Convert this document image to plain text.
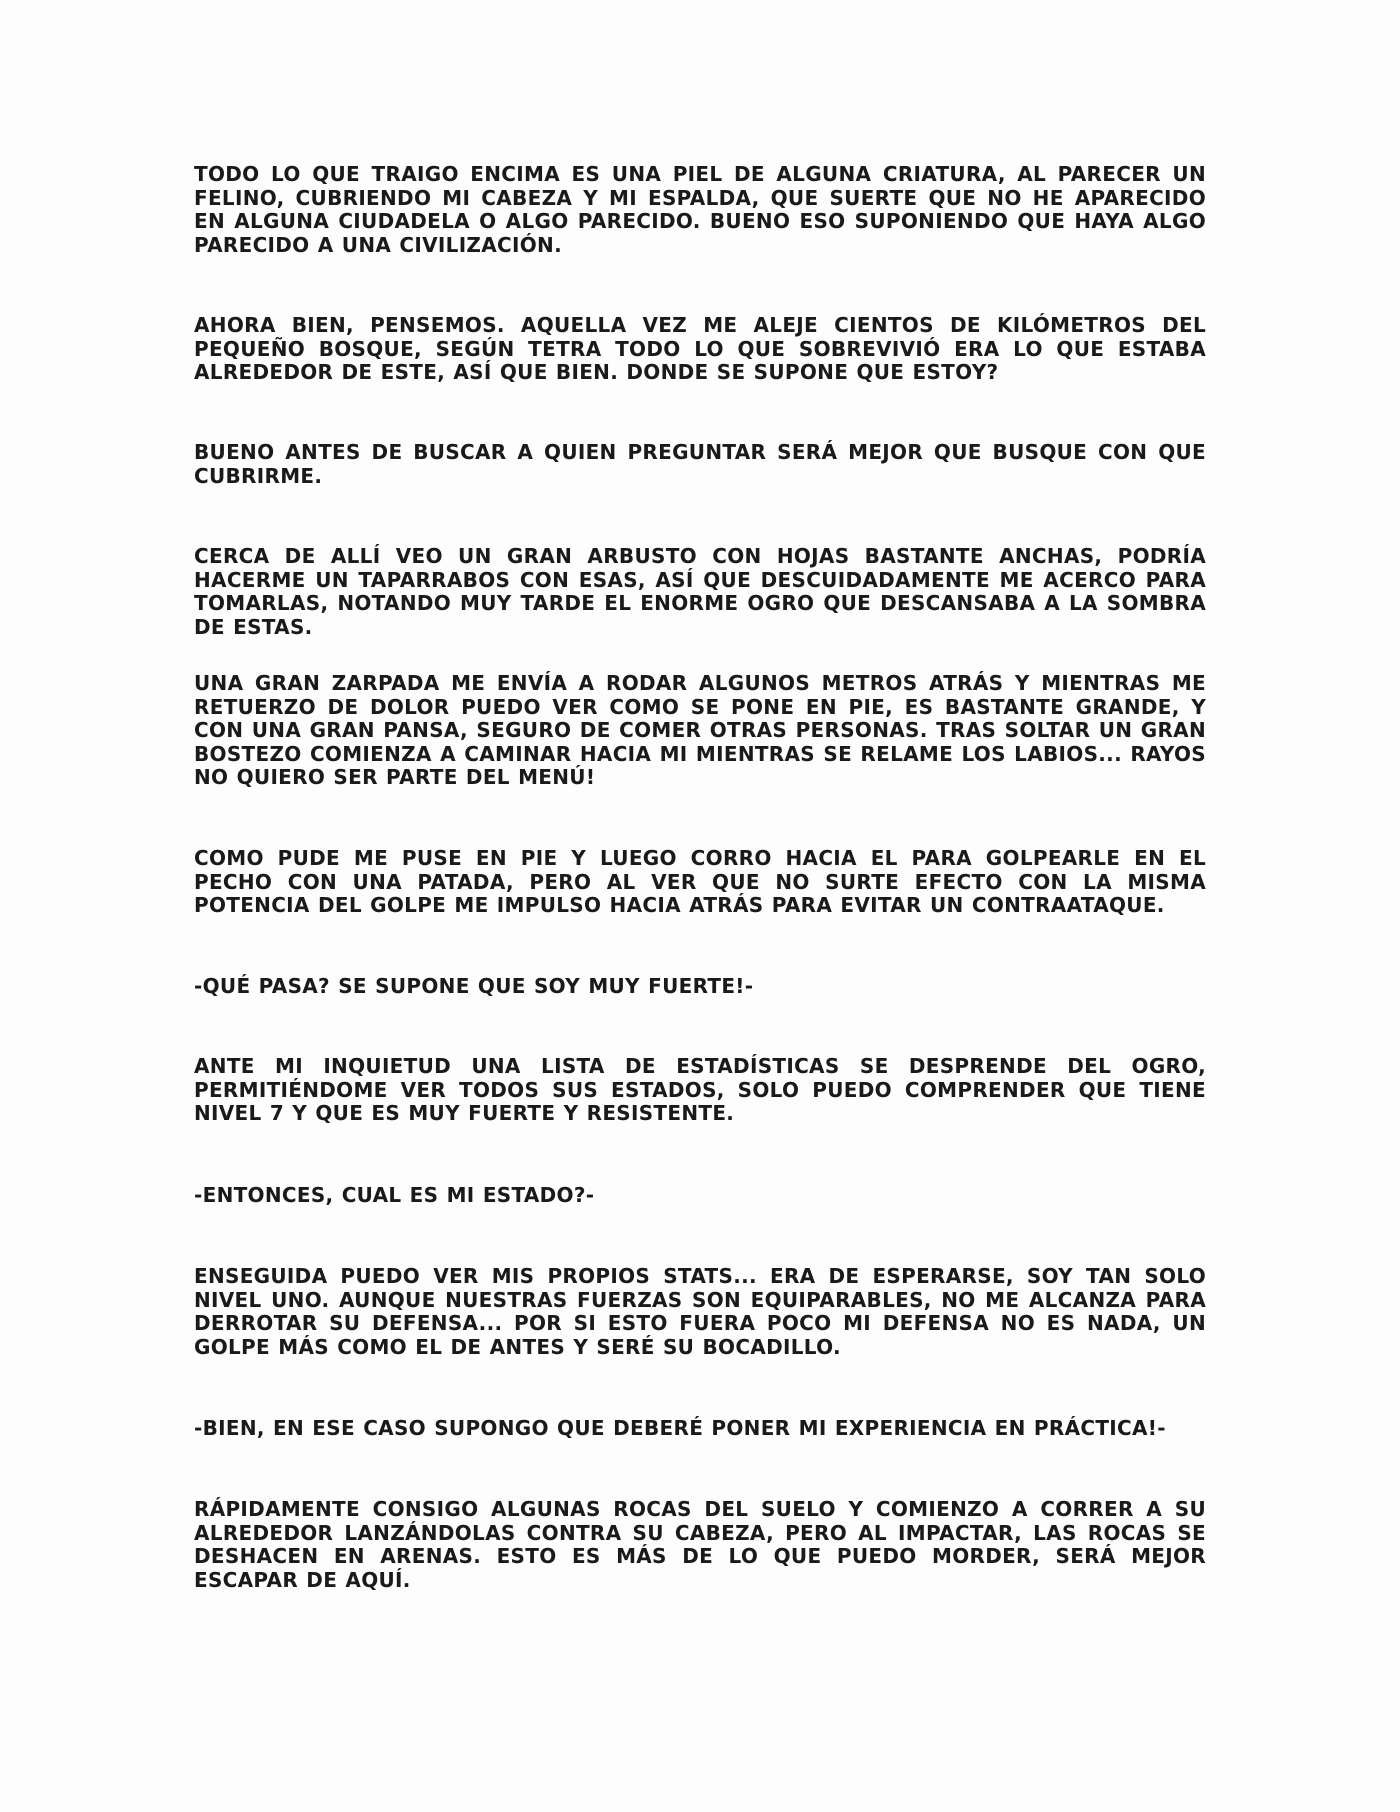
TODO LO QUE TRAIGO ENCIMA ES UNA PIEL DE ALGUNA CRIATURA, AL PARECER UN FELINO, CUBRIENDO MI CABEZA Y MI ESPALDA, QUE SUERTE QUE NO HE APARECIDO EN ALGUNA CIUDADELA O ALGO PARECIDO. BUENO ESO SUPONIENDO QUE HAYA ALGO PARECIDO A UNA CIVILIZACIÓN.

AHORA BIEN, PENSEMOS. AQUELLA VEZ ME ALEJE CIENTOS DE KILÓMETROS DEL PEQUEÑO BOSQUE, SEGÚN TETRA TODO LO QUE SOBREVIVIÓ ERA LO QUE ESTABA ALREDEDOR DE ESTE, ASÍ QUE BIEN. DONDE SE SUPONE QUE ESTOY?

BUENO ANTES DE BUSCAR A QUIEN PREGUNTAR SERÁ MEJOR QUE BUSQUE CON QUE CUBRIRME.

CERCA DE ALLÍ VEO UN GRAN ARBUSTO CON HOJAS BASTANTE ANCHAS, PODRÍA HACERME UN TAPARRABOS CON ESAS, ASÍ QUE DESCUIDADAMENTE ME ACERCO PARA TOMARLAS, NOTANDO MUY TARDE EL ENORME OGRO QUE DESCANSABA A LA SOMBRA DE ESTAS.

UNA GRAN ZARPADA ME ENVÍA A RODAR ALGUNOS METROS ATRÁS Y MIENTRAS ME RETUERZO DE DOLOR PUEDO VER COMO SE PONE EN PIE, ES BASTANTE GRANDE, Y CON UNA GRAN PANSA, SEGURO DE COMER OTRAS PERSONAS. TRAS SOLTAR UN GRAN BOSTEZO COMIENZA A CAMINAR HACIA MI MIENTRAS SE RELAME LOS LABIOS... RAYOS NO QUIERO SER PARTE DEL MENÚ!

COMO PUDE ME PUSE EN PIE Y LUEGO CORRO HACIA EL PARA GOLPEARLE EN EL PECHO CON UNA PATADA, PERO AL VER QUE NO SURTE EFECTO CON LA MISMA POTENCIA DEL GOLPE ME IMPULSO HACIA ATRÁS PARA EVITAR UN CONTRAATAQUE.

-QUÉ PASA? SE SUPONE QUE SOY MUY FUERTE!-

ANTE MI INQUIETUD UNA LISTA DE ESTADÍSTICAS SE DESPRENDE DEL OGRO, PERMITIÉNDOME VER TODOS SUS ESTADOS, SOLO PUEDO COMPRENDER QUE TIENE NIVEL 7 Y QUE ES MUY FUERTE Y RESISTENTE.

-ENTONCES, CUAL ES MI ESTADO?-

ENSEGUIDA PUEDO VER MIS PROPIOS STATS... ERA DE ESPERARSE, SOY TAN SOLO NIVEL UNO. AUNQUE NUESTRAS FUERZAS SON EQUIPARABLES, NO ME ALCANZA PARA DERROTAR SU DEFENSA... POR SI ESTO FUERA POCO MI DEFENSA NO ES NADA, UN GOLPE MÁS COMO EL DE ANTES Y SERÉ SU BOCADILLO.

-BIEN, EN ESE CASO SUPONGO QUE DEBERÉ PONER MI EXPERIENCIA EN PRÁCTICA!-

RÁPIDAMENTE CONSIGO ALGUNAS ROCAS DEL SUELO Y COMIENZO A CORRER A SU ALREDEDOR LANZÁNDOLAS CONTRA SU CABEZA, PERO AL IMPACTAR, LAS ROCAS SE DESHACEN EN ARENAS. ESTO ES MÁS DE LO QUE PUEDO MORDER, SERÁ MEJOR ESCAPAR DE AQUÍ.
